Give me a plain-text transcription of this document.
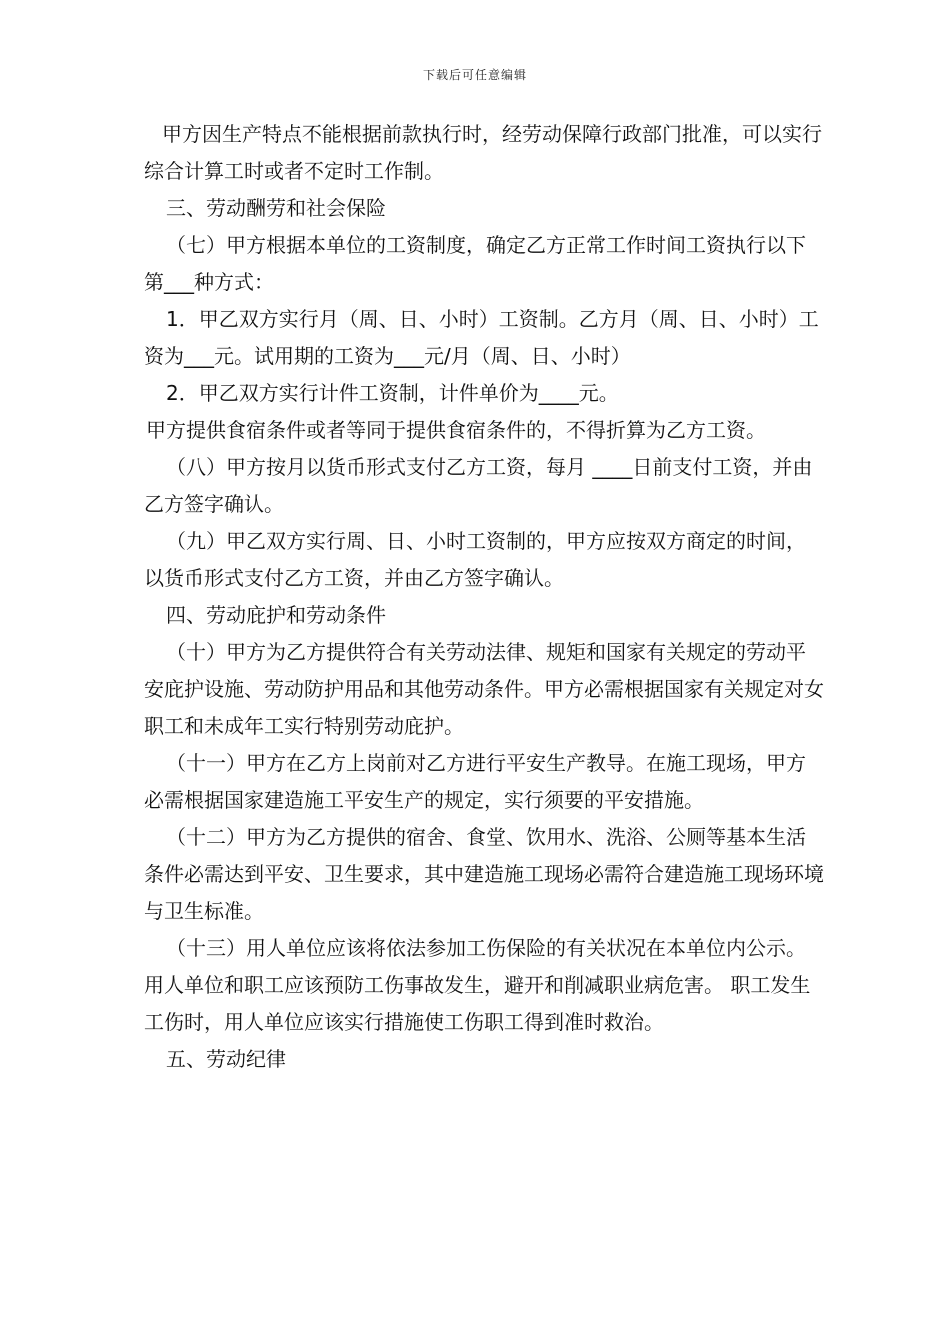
下载后可任意编辑

甲方因生产特点不能根据前款执行时，经劳动保障行政部门批准，可以实行综合计算工时或者不定时工作制。

三、劳动酬劳和社会保险

（七）甲方根据本单位的工资制度，确定乙方正常工作时间工资执行以下第___种方式：

1．甲乙双方实行月（周、日、小时）工资制。乙方月（周、日、小时）工资为___元。试用期的工资为___元/月（周、日、小时）

2．甲乙双方实行计件工资制，计件单价为____元。

甲方提供食宿条件或者等同于提供食宿条件的，不得折算为乙方工资。

（八）甲方按月以货币形式支付乙方工资，每月 ____日前支付工资，并由乙方签字确认。

（九）甲乙双方实行周、日、小时工资制的，甲方应按双方商定的时间，以货币形式支付乙方工资，并由乙方签字确认。

四、劳动庇护和劳动条件

（十）甲方为乙方提供符合有关劳动法律、规矩和国家有关规定的劳动平安庇护设施、劳动防护用品和其他劳动条件。甲方必需根据国家有关规定对女职工和未成年工实行特别劳动庇护。

（十一）甲方在乙方上岗前对乙方进行平安生产教导。在施工现场，甲方必需根据国家建造施工平安生产的规定，实行须要的平安措施。

（十二）甲方为乙方提供的宿舍、食堂、饮用水、洗浴、公厕等基本生活条件必需达到平安、卫生要求，其中建造施工现场必需符合建造施工现场环境与卫生标准。

（十三）用人单位应该将依法参加工伤保险的有关状况在本单位内公示。用人单位和职工应该预防工伤事故发生，避开和削减职业病危害。 职工发生工伤时，用人单位应该实行措施使工伤职工得到准时救治。

五、劳动纪律
